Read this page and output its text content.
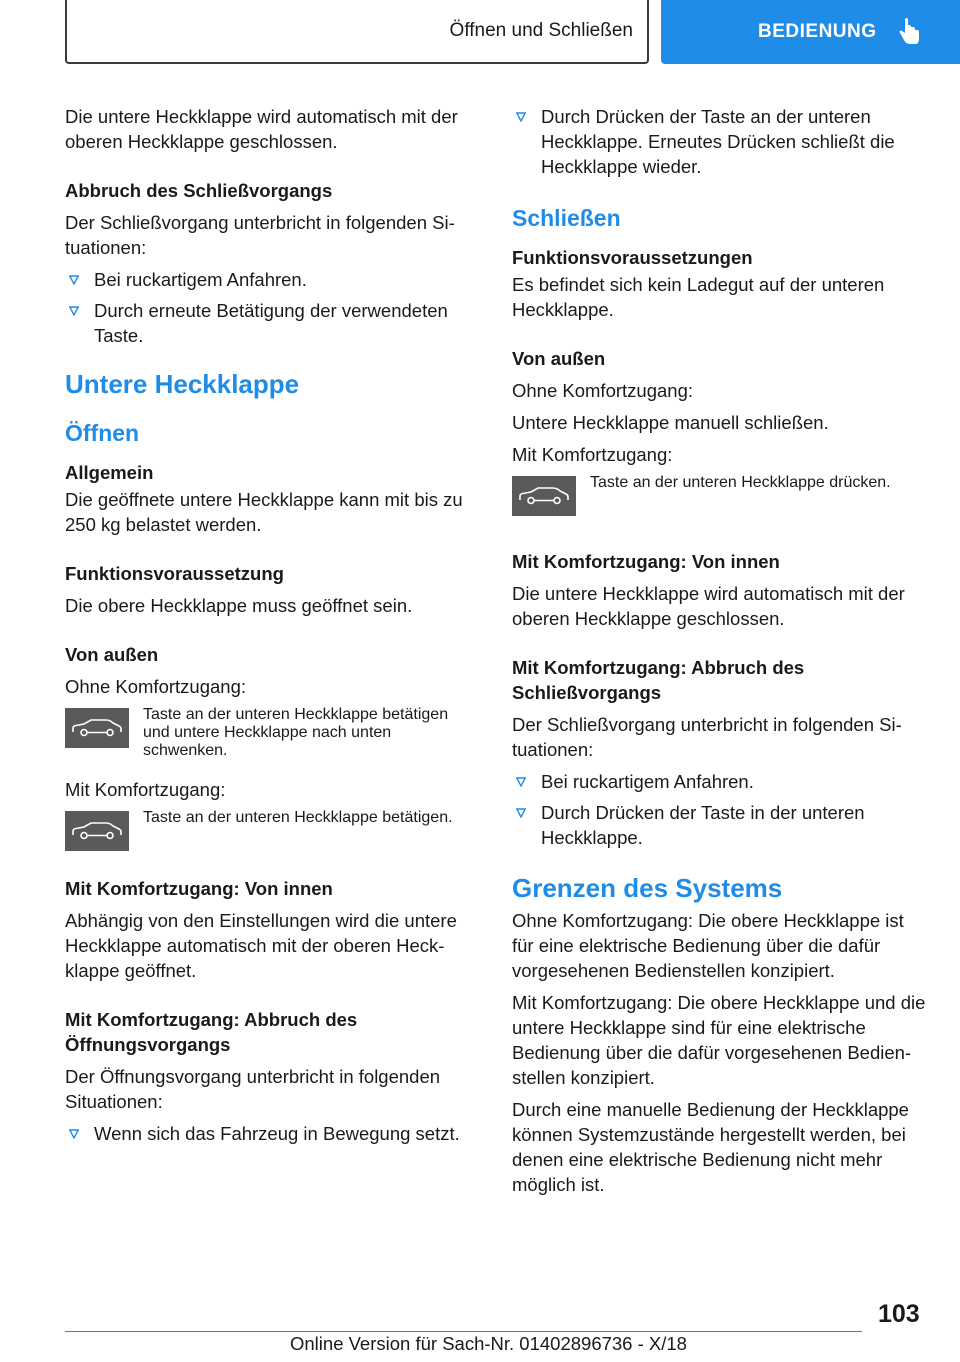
Öffnen und Schließen	BEDIENUNG

Die untere Heckklappe wird automatisch mit der oberen Heckklappe geschlossen.

Abbruch des Schließvorgangs

Der Schließvorgang unterbricht in folgenden Situationen:

Bei ruckartigem Anfahren.
Durch erneute Betätigung der verwendeten Taste.
Untere Heckklappe
Öffnen

Allgemein

Die geöffnete untere Heckklappe kann mit bis zu 250 kg belastet werden.

Funktionsvoraussetzung

Die obere Heckklappe muss geöffnet sein.

Von außen

Ohne Komfortzugang:

Taste an der unteren Heckklappe betätigen und untere Heckklappe nach unten schwenken.

Mit Komfortzugang:

Taste an der unteren Heckklappe betätigen.

Mit Komfortzugang: Von innen

Abhängig von den Einstellungen wird die untere Heckklappe automatisch mit der oberen Heckklappe geöffnet.

Mit Komfortzugang: Abbruch des Öffnungsvorgangs

Der Öffnungsvorgang unterbricht in folgenden Situationen:

Wenn sich das Fahrzeug in Bewegung setzt.
Durch Drücken der Taste an der unteren Heckklappe. Erneutes Drücken schließt die Heckklappe wieder.
Schließen

Funktionsvoraussetzungen

Es befindet sich kein Ladegut auf der unteren Heckklappe.

Von außen

Ohne Komfortzugang:

Untere Heckklappe manuell schließen.

Mit Komfortzugang:

Taste an der unteren Heckklappe drücken.

Mit Komfortzugang: Von innen

Die untere Heckklappe wird automatisch mit der oberen Heckklappe geschlossen.

Mit Komfortzugang: Abbruch des Schließvorgangs

Der Schließvorgang unterbricht in folgenden Situationen:

Bei ruckartigem Anfahren.
Durch Drücken der Taste in der unteren Heckklappe.
Grenzen des Systems

Ohne Komfortzugang: Die obere Heckklappe ist für eine elektrische Bedienung über die dafür vorgesehenen Bedienstellen konzipiert.

Mit Komfortzugang: Die obere Heckklappe und die untere Heckklappe sind für eine elektrische Bedienung über die dafür vorgesehenen Bedienstellen konzipiert.

Durch eine manuelle Bedienung der Heckklappe können Systemzustände hergestellt werden, bei denen eine elektrische Bedienung nicht mehr möglich ist.

103
Online Version für Sach-Nr. 01402896736 - X/18
